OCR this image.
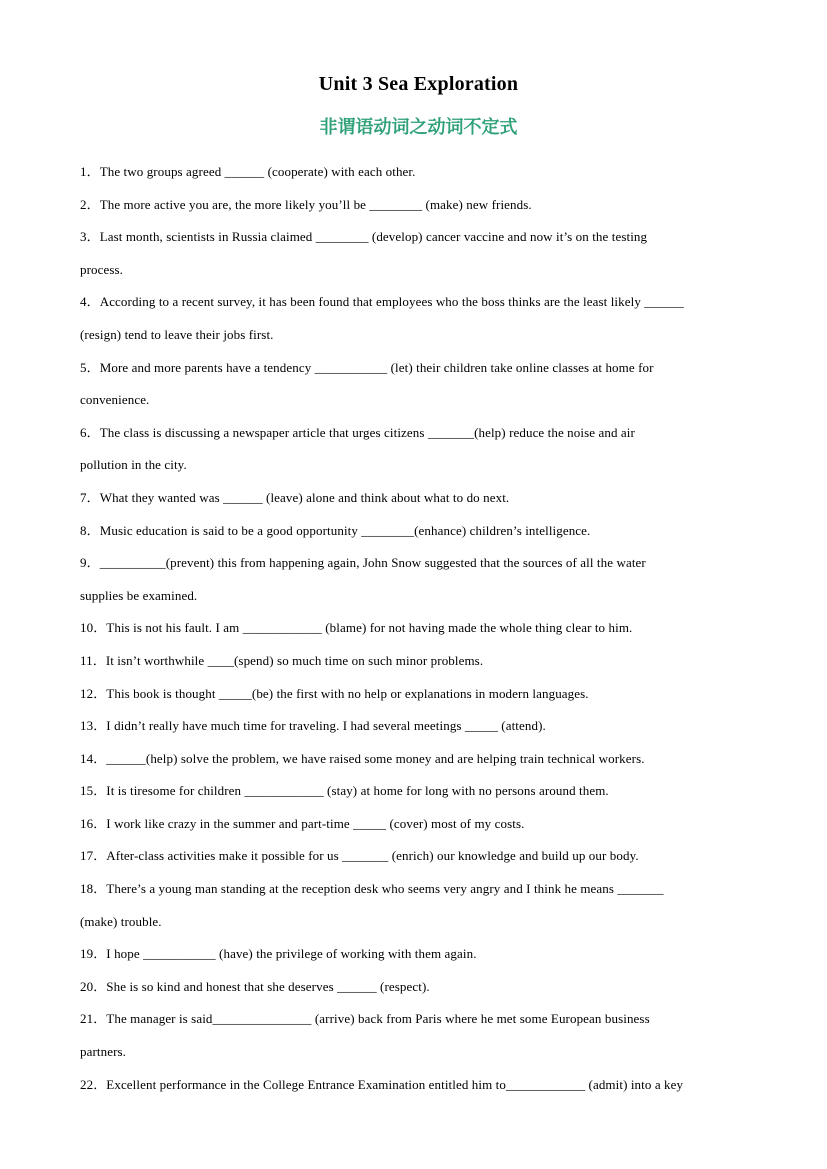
Unit 3 Sea Exploration
非谓语动词之动词不定式
1．The two groups agreed ______ (cooperate) with each other.
2．The more active you are, the more likely you’ll be ________ (make) new friends.
3．Last month, scientists in Russia claimed ________ (develop) cancer vaccine and now it’s on the testing
process.
4．According to a recent survey, it has been found that employees who the boss thinks are the least likely ______
(resign) tend to leave their jobs first.
5．More and more parents have a tendency ___________ (let) their children take online classes at home for
convenience.
6．The class is discussing a newspaper article that urges citizens _______(help) reduce the noise and air
pollution in the city.
7．What they wanted was ______ (leave) alone and think about what to do next.
8．Music education is said to be a good opportunity ________(enhance) children’s intelligence.
9．__________(prevent) this from happening again, John Snow suggested that the sources of all the water
supplies be examined.
10．This is not his fault. I am ____________ (blame) for not having made the whole thing clear to him.
11．It isn’t worthwhile ____(spend) so much time on such minor problems.
12．This book is thought _____(be) the first with no help or explanations in modern languages.
13．I didn’t really have much time for traveling. I had several meetings _____ (attend).
14．______(help) solve the problem, we have raised some money and are helping train technical workers.
15．It is tiresome for children ____________ (stay) at home for long with no persons around them.
16．I work like crazy in the summer and part-time _____ (cover) most of my costs.
17．After-class activities make it possible for us _______ (enrich) our knowledge and build up our body.
18．There’s a young man standing at the reception desk who seems very angry and I think he means _______
(make) trouble.
19．I hope ___________ (have) the privilege of working with them again.
20．She is so kind and honest that she deserves ______ (respect).
21．The manager is said_______________ (arrive) back from Paris where he met some European business
partners.
22．Excellent performance in the College Entrance Examination entitled him to____________ (admit) into a key
